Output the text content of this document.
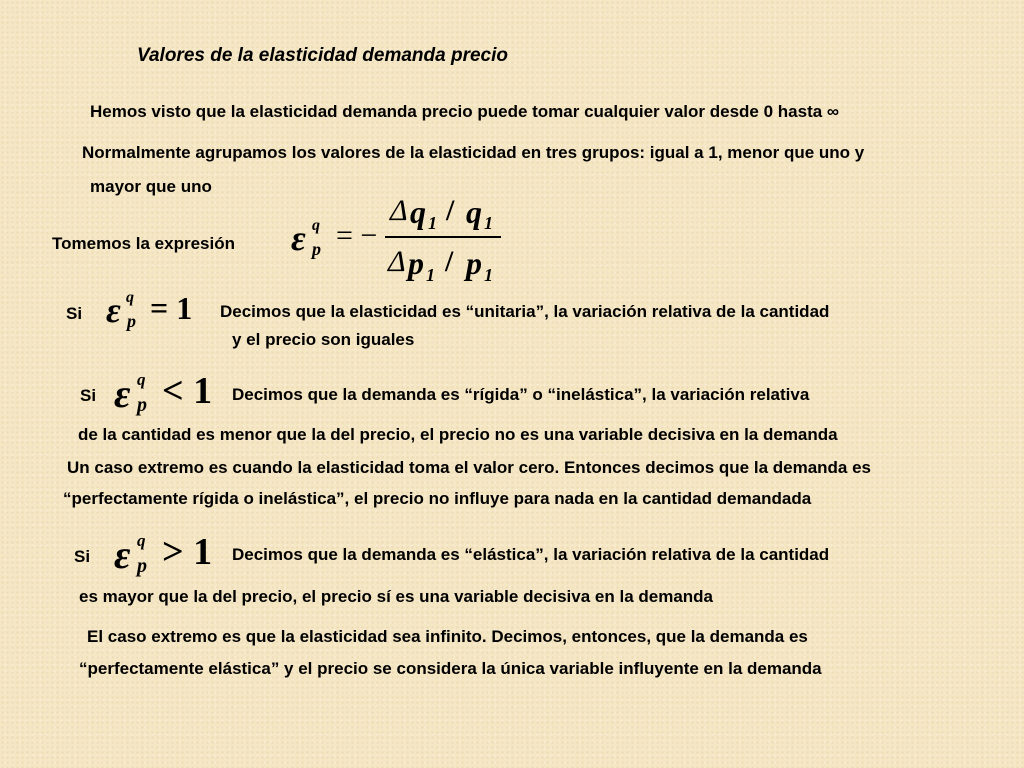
Valores de la elasticidad demanda precio
Hemos visto que la elasticidad demanda precio puede tomar cualquier valor desde 0 hasta ∞
Normalmente agrupamos los valores de la elasticidad en tres grupos: igual a 1, menor que uno y
mayor que uno
Tomemos la expresión ε q
p = −
Δ q 1 / q 1
Δ p 1 / p 1
Si ε q
p = 1 Decimos que la elasticidad es “unitaria”, la variación relativa de la cantidad
y el precio son iguales
Si ε q
p < 1 Decimos que la demanda es “rígida” o “inelástica”, la variación relativa
de la cantidad es menor que la del precio, el precio no es una variable decisiva en la demanda
Un caso extremo es cuando la elasticidad toma el valor cero. Entonces decimos que la demanda es
“perfectamente rígida o inelástica”, el precio no influye para nada en la cantidad demandada
Si ε q
p > 1 Decimos que la demanda es “elástica”, la variación relativa de la cantidad
es mayor que la del precio, el precio sí es una variable decisiva en la demanda
El caso extremo es que la elasticidad sea infinito. Decimos, entonces, que la demanda es
“perfectamente elástica” y el precio se considera la única variable influyente en la demanda
